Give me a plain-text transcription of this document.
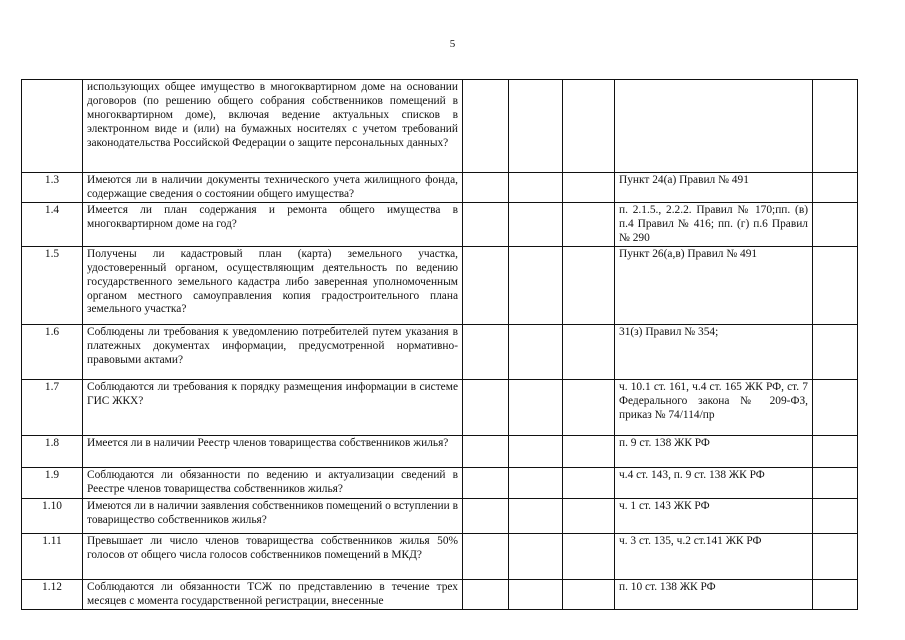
5
	использующих общее имущество в многоквартирном доме на основании договоров (по решению общего собрания собственников помещений в многоквартирном доме), включая ведение актуальных списков в электронном виде и (или) на бумажных носителях с учетом требований законодательства Российской Федерации о защите персональных данных?					
1.3	Имеются ли в наличии документы технического учета жилищного фонда, содержащие сведения о состоянии общего имущества?				Пункт 24(а) Правил № 491	
1.4	Имеется ли план содержания и ремонта общего имущества в многоквартирном доме на год?				п. 2.1.5., 2.2.2. Правил № 170;пп. (в) п.4 Правил № 416; пп. (г) п.6 Правил № 290	
1.5	Получены ли кадастровый план (карта) земельного участка, удостоверенный органом, осуществляющим деятельность по ведению государственного земельного кадастра либо заверенная уполномоченным органом местного самоуправления копия градостроительного плана земельного участка?				Пункт 26(а,в) Правил № 491	
1.6	Соблюдены ли требования к уведомлению потребителей путем указания в платежных документах информации, предусмотренной нормативно-правовыми актами?				31(з) Правил № 354;	
1.7	Соблюдаются ли требования к порядку размещения информации в системе ГИС ЖКХ?				ч. 10.1 ст. 161, ч.4 ст. 165 ЖК РФ, ст. 7 Федерального закона № 209-ФЗ, приказ № 74/114/пр	
1.8	Имеется ли в наличии Реестр членов товарищества собственников жилья?				п. 9 ст. 138 ЖК РФ	
1.9	Соблюдаются ли обязанности по ведению и актуализации сведений в Реестре членов товарищества собственников жилья?				ч.4 ст. 143, п. 9 ст. 138 ЖК РФ	
1.10	Имеются ли в наличии заявления собственников помещений о вступлении в товарищество собственников жилья?				ч. 1 ст. 143 ЖК РФ	
1.11	Превышает ли число членов товарищества собственников жилья 50% голосов от общего числа голосов собственников помещений в МКД?				ч. 3 ст. 135, ч.2 ст.141 ЖК РФ	
1.12	Соблюдаются ли обязанности ТСЖ по представлению в течение трех месяцев с момента государственной регистрации, внесенные				п. 10 ст. 138 ЖК РФ	
